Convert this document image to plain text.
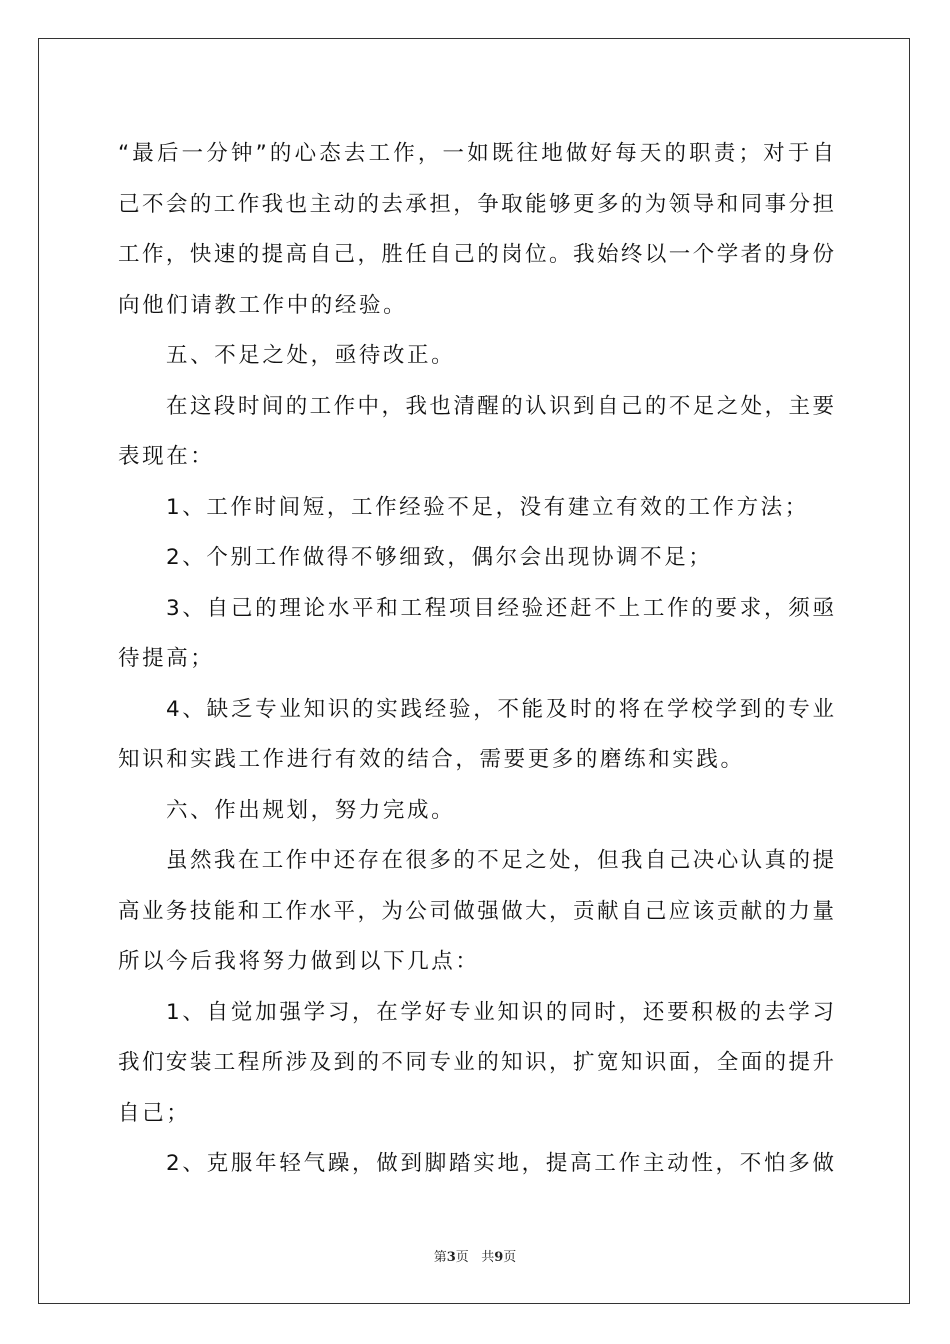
“最后一分钟”的心态去工作，一如既往地做好每天的职责；对于自
己不会的工作我也主动的去承担，争取能够更多的为领导和同事分担
工作，快速的提高自己，胜任自己的岗位。我始终以一个学者的身份
向他们请教工作中的经验。
五、不足之处，亟待改正。
在这段时间的工作中，我也清醒的认识到自己的不足之处，主要
表现在：
1、工作时间短，工作经验不足，没有建立有效的工作方法；
2、个别工作做得不够细致，偶尔会出现协调不足；
3、自己的理论水平和工程项目经验还赶不上工作的要求，须亟
待提高；
4、缺乏专业知识的实践经验，不能及时的将在学校学到的专业
知识和实践工作进行有效的结合，需要更多的磨练和实践。
六、作出规划，努力完成。
虽然我在工作中还存在很多的不足之处，但我自己决心认真的提
高业务技能和工作水平，为公司做强做大，贡献自己应该贡献的力量
所以今后我将努力做到以下几点：
1、自觉加强学习，在学好专业知识的同时，还要积极的去学习
我们安装工程所涉及到的不同专业的知识，扩宽知识面，全面的提升
自己；
2、克服年轻气躁，做到脚踏实地，提高工作主动性，不怕多做
第3页 共9页
